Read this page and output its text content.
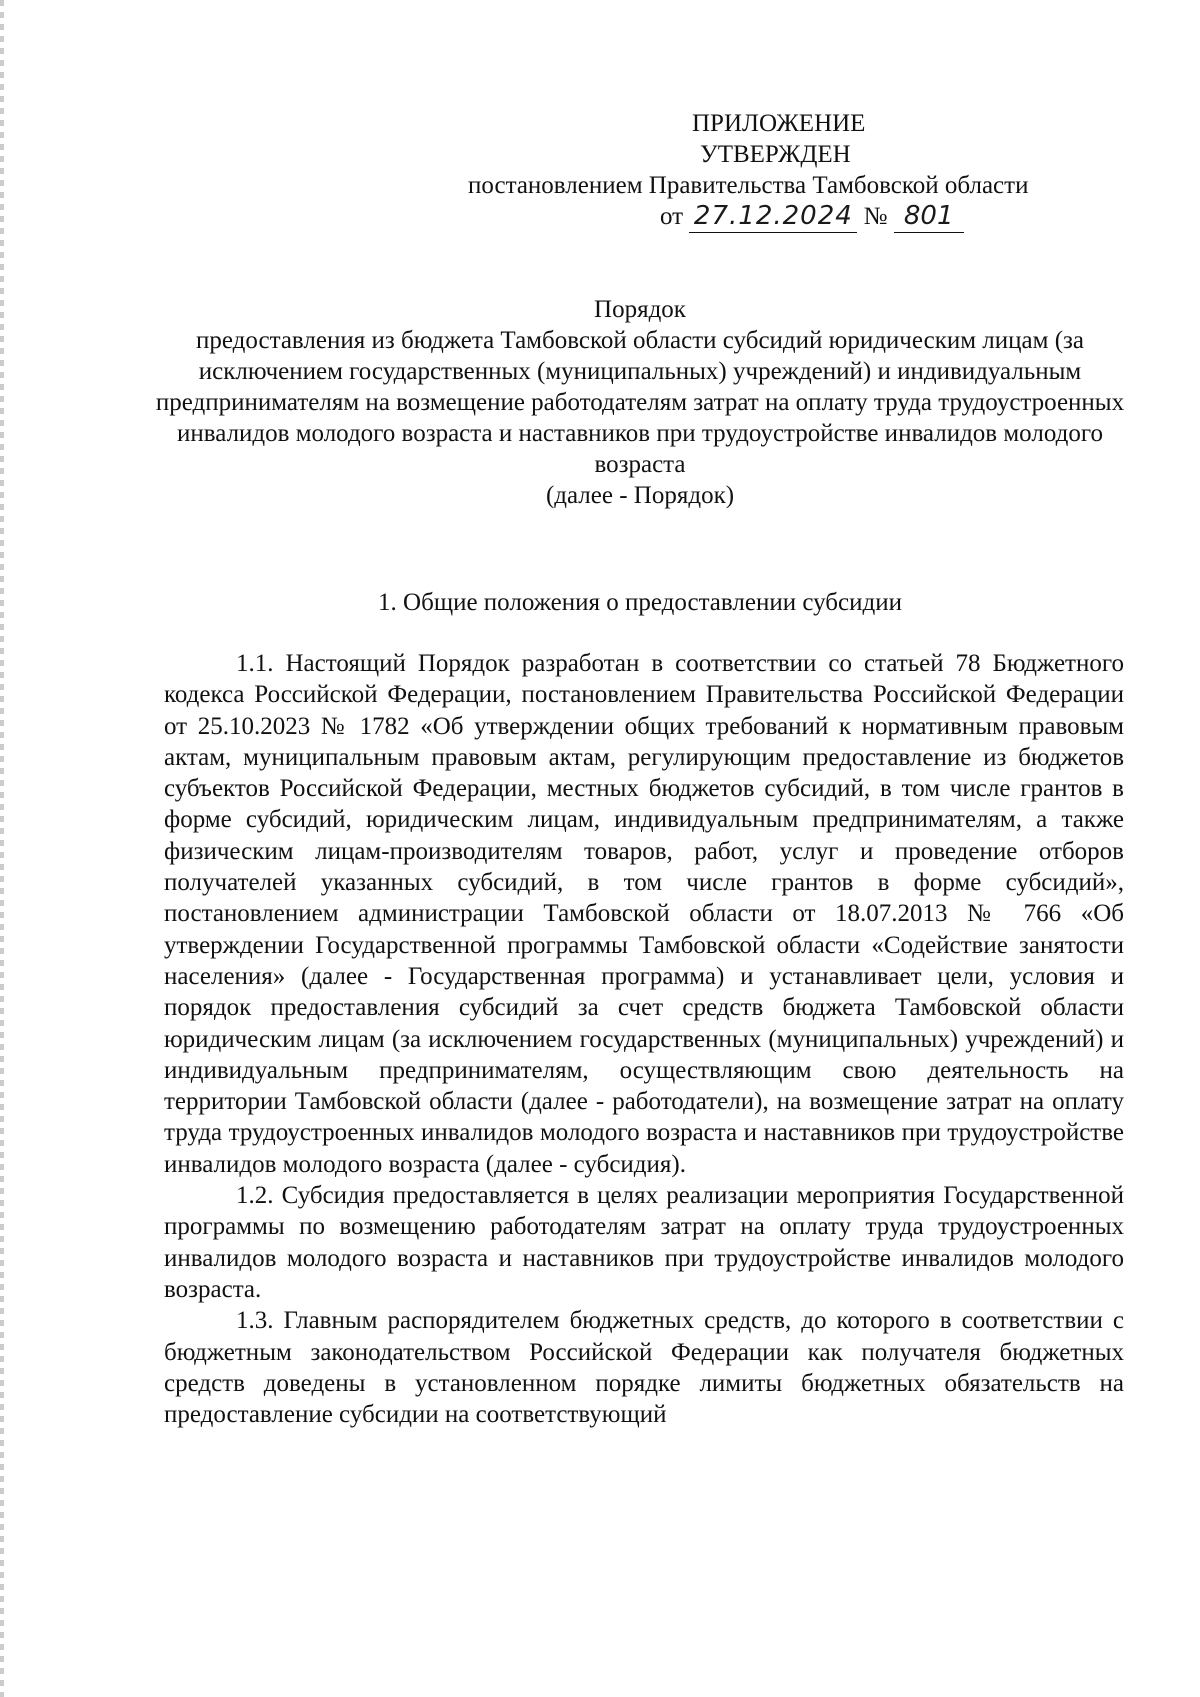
ПРИЛОЖЕНИЕ
УТВЕРЖДЕН
постановлением Правительства Тамбовской области
от 27.12.2024 № 801
Порядок
предоставления из бюджета Тамбовской области субсидий юридическим лицам (за исключением государственных (муниципальных) учреждений) и индивидуальным предпринимателям на возмещение работодателям затрат на оплату труда трудоустроенных инвалидов молодого возраста и наставников при трудоустройстве инвалидов молодого возраста
(далее - Порядок)
1. Общие положения о предоставлении субсидии

1.1. Настоящий Порядок разработан в соответствии со статьей 78 Бюджетного кодекса Российской Федерации, постановлением Правительства Российской Федерации от 25.10.2023 № 1782 «Об утверждении общих требований к нормативным правовым актам, муниципальным правовым актам, регулирующим предоставление из бюджетов субъектов Российской Федерации, местных бюджетов субсидий, в том числе грантов в форме субсидий, юридическим лицам, индивидуальным предпринимателям, а также физическим лицам-производителям товаров, работ, услуг и проведение отборов получателей указанных субсидий, в том числе грантов в форме субсидий», постановлением администрации Тамбовской области от 18.07.2013 № 766 «Об утверждении Государственной программы Тамбовской области «Содействие занятости населения» (далее - Государственная программа) и устанавливает цели, условия и порядок предоставления субсидий за счет средств бюджета Тамбовской области юридическим лицам (за исключением государственных (муниципальных) учреждений) и индивидуальным предпринимателям, осуществляющим свою деятельность на территории Тамбовской области (далее - работодатели), на возмещение затрат на оплату труда трудоустроенных инвалидов молодого возраста и наставников при трудоустройстве инвалидов молодого возраста (далее - субсидия).

1.2. Субсидия предоставляется в целях реализации мероприятия Государственной программы по возмещению работодателям затрат на оплату труда трудоустроенных инвалидов молодого возраста и наставников при трудоустройстве инвалидов молодого возраста.

1.3. Главным распорядителем бюджетных средств, до которого в соответствии с бюджетным законодательством Российской Федерации как получателя бюджетных средств доведены в установленном порядке лимиты бюджетных обязательств на предоставление субсидии на соответствующий
